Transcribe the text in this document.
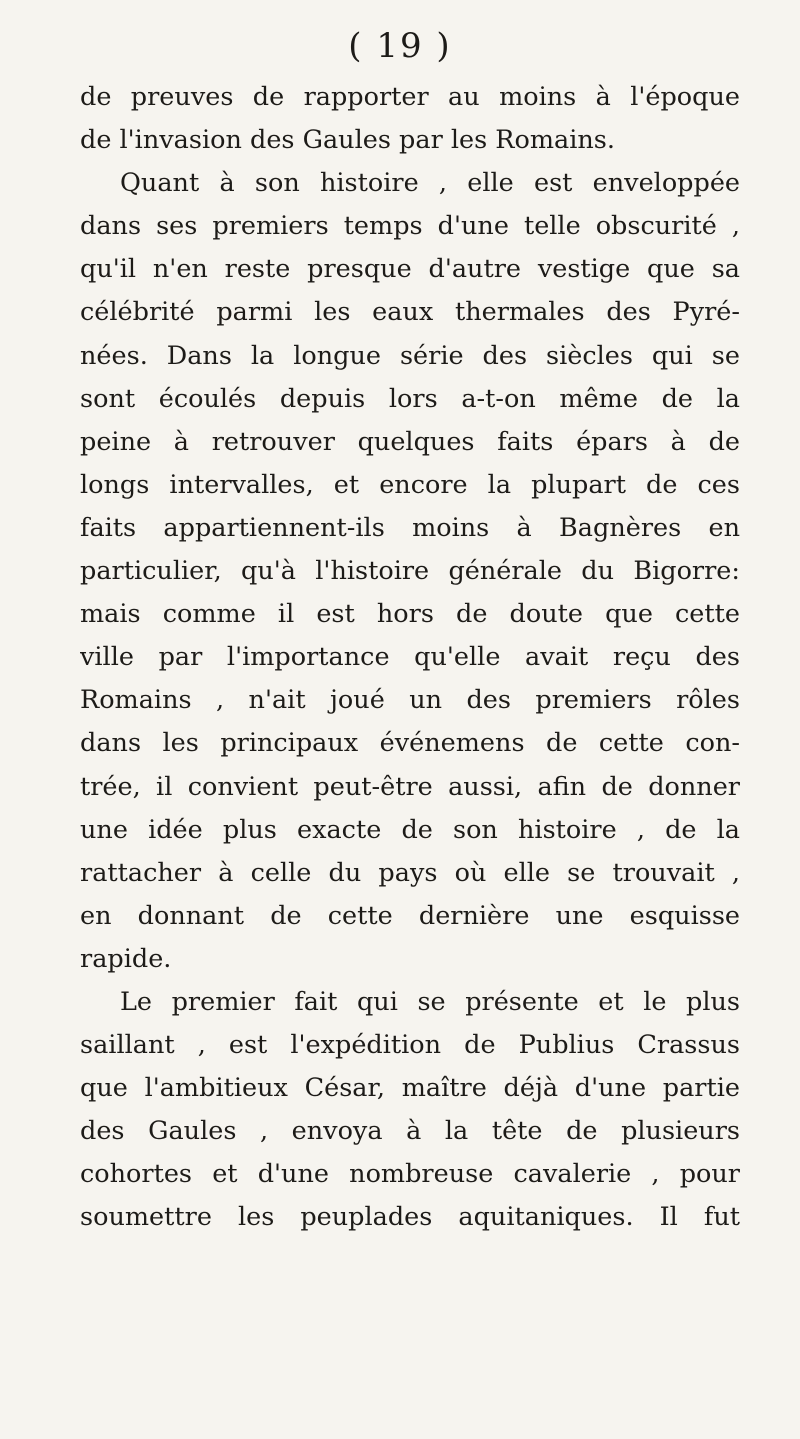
( 19 )
de preuves de rapporter au moins à l'époque
de l'invasion des Gaules par les Romains.
Quant à son histoire , elle est enveloppée
dans ses premiers temps d'une telle obscurité ,
qu'il n'en reste presque d'autre vestige que sa
célébrité parmi les eaux thermales des Pyré-
nées. Dans la longue série des siècles qui se
sont écoulés depuis lors a-t-on même de la
peine à retrouver quelques faits épars à de
longs intervalles, et encore la plupart de ces
faits appartiennent-ils moins à Bagnères en
particulier, qu'à l'histoire générale du Bigorre:
mais comme il est hors de doute que cette
ville par l'importance qu'elle avait reçu des
Romains , n'ait joué un des premiers rôles
dans les principaux événemens de cette con-
trée, il convient peut-être aussi, afin de donner
une idée plus exacte de son histoire , de la
rattacher à celle du pays où elle se trouvait ,
en donnant de cette dernière une esquisse
rapide.
Le premier fait qui se présente et le plus
saillant , est l'expédition de Publius Crassus
que l'ambitieux César, maître déjà d'une partie
des Gaules , envoya à la tête de plusieurs
cohortes et d'une nombreuse cavalerie , pour
soumettre les peuplades aquitaniques. Il fut
